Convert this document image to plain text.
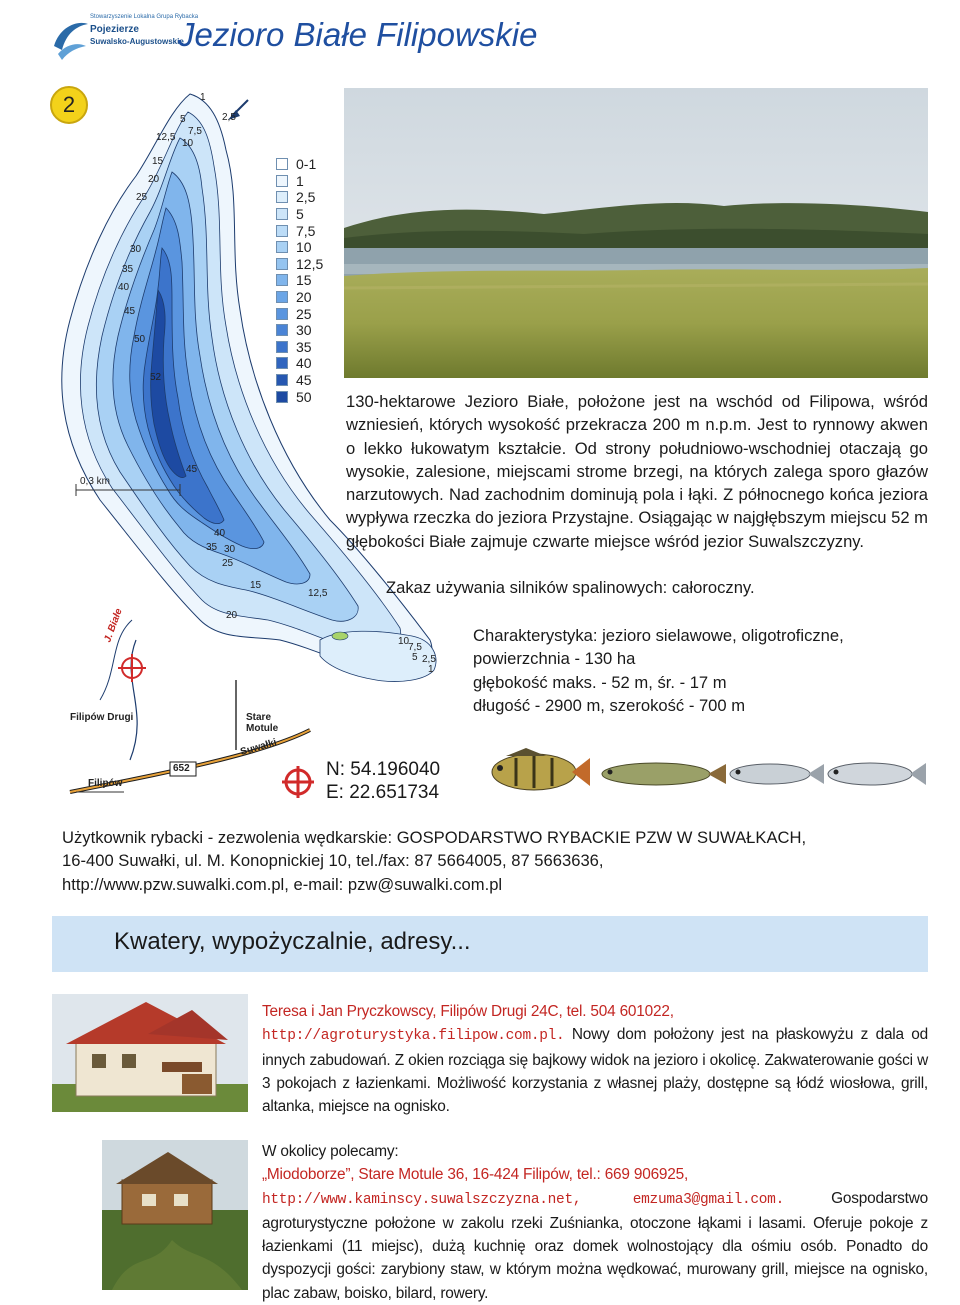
Stowarzyszenie Lokalna Grupa Rybacka
Pojezierze
Suwalsko-Augustowskie
Jezioro Białe Filipowskie
2
0,3 km
1
2,5
5
7,5
10
12,5
15
20
25
30
35
40
45
50
52
45
40
35 30
25
15
20
12,5
10
7,5
5 2,5
1
J. Białe
Filipów Drugi	Stare Motule
Suwałki
Filipów
652
0-1
1
2,5
5
7,5
10
12,5
15
20
25
30
35
40
45
50 130-hektarowe Jezioro Białe, położone jest na wschód od Filipowa, wśród wzniesień, których wysokość przekracza 200 m n.p.m. Jest to rynnowy akwen o lekko łukowatym kształcie. Od strony południowo-wschodniej otaczają go wysokie, zalesione, miejscami strome brzegi, na których zalega sporo głazów narzutowych. Nad zachodnim dominują pola i łąki. Z północnego końca jeziora wypływa rzeczka do jeziora Przystajne. Osiągając w najgłębszym miejscu 52 m głębokości Białe zajmuje czwarte miejsce wśród jezior Suwalszczyzny.
Zakaz używania silników spalinowych: całoroczny.
Charakterystyka: jezioro sielawowe, oligotroficzne,
powierzchnia - 130 ha
głębokość maks. - 52 m, śr. - 17 m
długość - 2900 m, szerokość - 700 m
N: 54.196040
E: 22.651734
Użytkownik rybacki - zezwolenia wędkarskie: GOSPODARSTWO RYBACKIE PZW W SUWAŁKACH,
16-400 Suwałki, ul. M. Konopnickiej 10, tel./fax: 87 5664005, 87 5663636,
http://www.pzw.suwalki.com.pl, e-mail: pzw@suwalki.com.pl
Kwatery, wypożyczalnie, adresy...
Teresa i Jan Pryczkowscy, Filipów Drugi 24C, tel. 504 601022,
http://agroturystyka.filipow.com.pl. Nowy dom położony jest na płaskowyżu z dala od innych zabudowań. Z okien rozciąga się bajkowy widok na jezioro i okolicę. Zakwaterowanie gości w 3 pokojach z łazienkami. Możliwość korzystania z własnej plaży, dostępne są łódź wiosłowa, grill, altanka, miejsce na ognisko.
W okolicy polecamy:
„Miodoborze”, Stare Motule 36, 16-424 Filipów, tel.: 669 906925,
http://www.kaminscy.suwalszczyzna.net, emzuma3@gmail.com. Gospodarstwo agroturystyczne położone w zakolu rzeki Zuśnianka, otoczone łąkami i lasami. Oferuje pokoje z łazienkami (11 miejsc), dużą kuchnię oraz domek wolnostojący dla ośmiu osób. Ponadto do dyspozycji gości: zarybiony staw, w którym można wędkować, murowany grill, miejsce na ognisko, plac zabaw, boisko, bilard, rowery.
